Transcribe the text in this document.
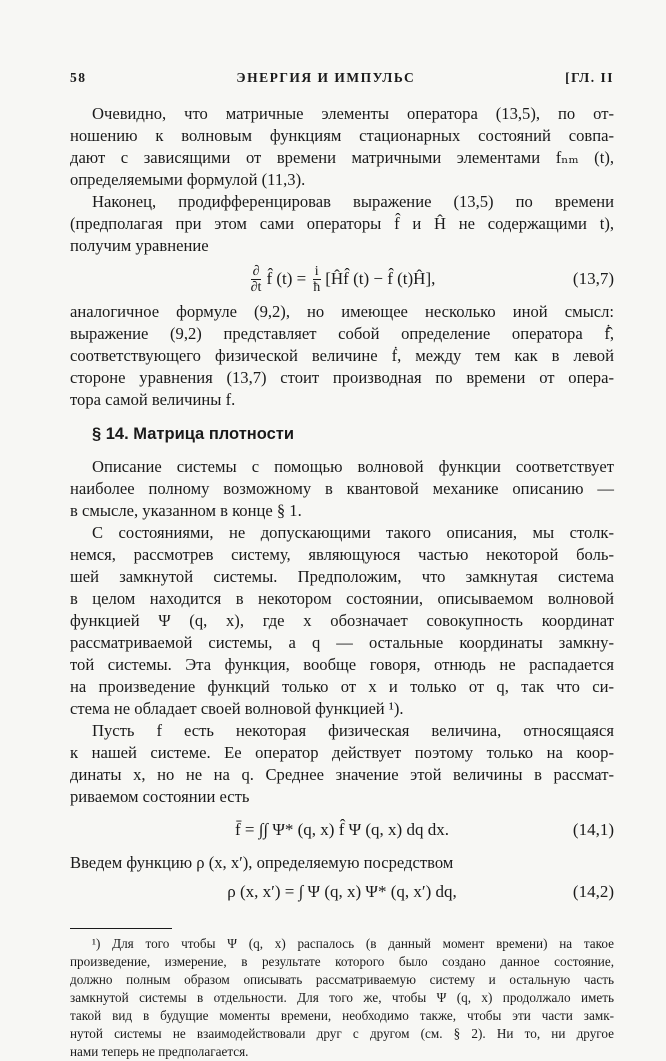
58	ЭНЕРГИЯ И ИМПУЛЬС	[ГЛ. II

Очевидно, что матричные элементы оператора (13,5), по от-

ношению к волновым функциям стационарных состояний совпа-

дают с зависящими от времени матричными элементами fₙₘ (t),

определяемыми формулой (11,3).

Наконец, продифференцировав выражение (13,5) по времени

(предполагая при этом сами операторы f̂ и Ĥ не содержащими t),

получим уравнение

$\frac{\partial}{\partial t}$ f̂ $(t) = \frac{i}{ħ}$ [Ĥf̂ (t) − f̂ (t)Ĥ],	(13,7)

аналогичное формуле (9,2), но имеющее несколько иной смысл:

выражение (9,2) представляет собой определение оператора ḟ̂,

соответствующего физической величине ḟ, между тем как в левой

стороне уравнения (13,7) стоит производная по времени от опера-

тора самой величины f.

§ 14. Матрица плотности

Описание системы с помощью волновой функции соответствует

наиболее полному возможному в квантовой механике описанию —

в смысле, указанном в конце § 1.

С состояниями, не допускающими такого описания, мы столк-

немся, рассмотрев систему, являющуюся частью некоторой боль-

шей замкнутой системы. Предположим, что замкнутая система

в целом находится в некотором состоянии, описываемом волновой

функцией Ψ (q, x), где x обозначает совокупность координат

рассматриваемой системы, а q — остальные координаты замкну-

той системы. Эта функция, вообще говоря, отнюдь не распадается

на произведение функций только от x и только от q, так что си-

стема не обладает своей волновой функцией ¹).

Пусть f есть некоторая физическая величина, относящаяся

к нашей системе. Ее оператор действует поэтому только на коор-

динаты x, но не на q. Среднее значение этой величины в рассмат-

риваемом состоянии есть

f̄ = ∫∫ Ψ* (q, x) f̂ Ψ (q, x) dq dx.	(14,1)

Введем функцию ρ (x, x′), определяемую посредством

ρ (x, x′) = ∫ Ψ (q, x) Ψ* (q, x′) dq,	(14,2)

¹) Для того чтобы Ψ (q, x) распалось (в данный момент времени) на такое

произведение, измерение, в результате которого было создано данное состояние,

должно полным образом описывать рассматриваемую систему и остальную часть

замкнутой системы в отдельности. Для того же, чтобы Ψ (q, x) продолжало иметь

такой вид в будущие моменты времени, необходимо также, чтобы эти части замк-

нутой системы не взаимодействовали друг с другом (см. § 2). Ни то, ни другое

нами теперь не предполагается.
